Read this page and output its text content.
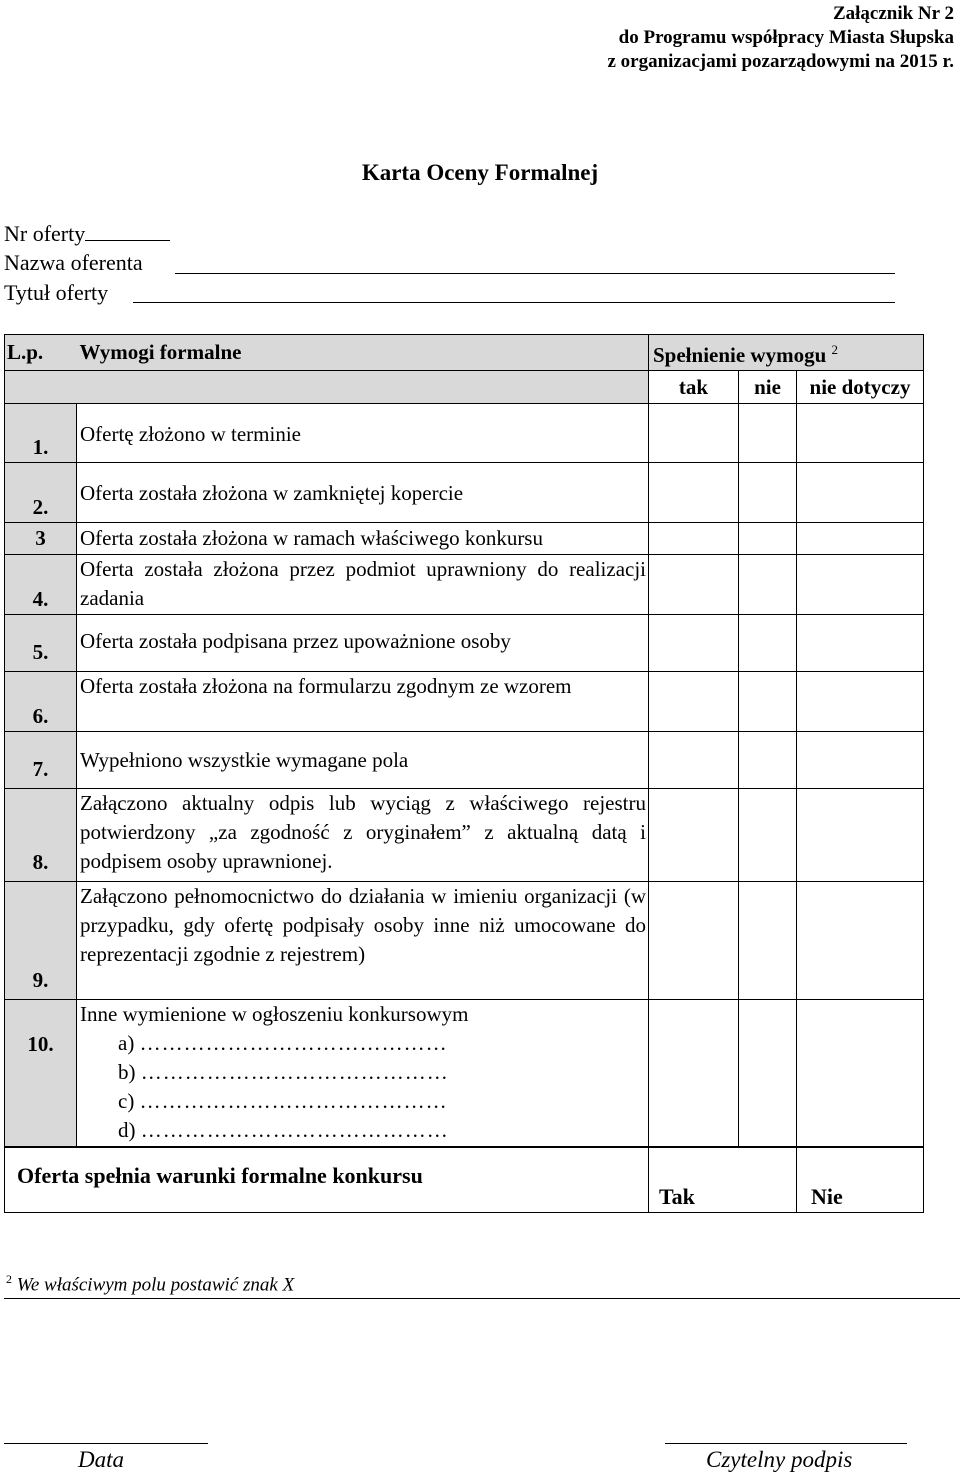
Załącznik Nr 2
do Programu współpracy Miasta Słupska
z organizacjami pozarządowymi na 2015 r.
Karta Oceny Formalnej
Nr oferty
Nazwa oferenta
Tytuł oferty
L.p.	Wymogi formalne	Spełnienie wymogu $^2$
		tak	nie	nie dotyczy
1.	Ofertę złożono w terminie			
2.	Oferta została złożona w zamkniętej kopercie			
3	Oferta została złożona w ramach właściwego konkursu			
4.	Oferta została złożona przez podmiot uprawniony do realizacji zadania			
5.	Oferta została podpisana przez upoważnione osoby			
6.	Oferta została złożona na formularzu zgodnym ze wzorem			
7.	Wypełniono wszystkie wymagane pola			
8.	Załączono aktualny odpis lub wyciąg z właściwego rejestru potwierdzony „za zgodność z oryginałem” z aktualną datą i podpisem osoby uprawnionej.			
9.	Załączono pełnomocnictwo do działania w imieniu organizacji (w przypadku, gdy ofertę podpisały osoby inne niż umocowane do reprezentacji zgodnie z rejestrem)			
10.	Inne wymienione w ogłoszeniu konkursowym
a) ……………………………………
b) ……………………………………
c) ……………………………………
d) ……………………………………			

Oferta spełnia warunki formalne konkursu	Tak	Nie
$^2$ We właściwym polu postawić znak X
Data	Czytelny podpis
